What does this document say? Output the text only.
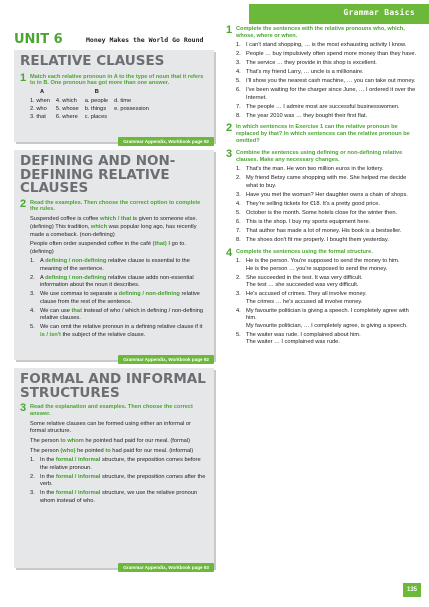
Grammar Basics
UNIT 6	Money Makes the World Go Round
RELATIVE CLAUSES
1 Match each relative pronoun in A to the type of noun that it refers to in B. One pronoun has got more than one answer.
A		B	
1. when	4. which	a. people	d. time
2. who	5. whose	b. things	e. possession
3. that	6. where	c. places	
Grammar Appendix, Workbook page 92
DEFINING AND NON-DEFINING RELATIVE CLAUSES
2 Read the examples. Then choose the correct option to complete the rules.
Suspended coffee is coffee which / that is given to someone else. (defining) This tradition, which was popular long ago, has recently made a comeback. (non-defining)
People often order suspended coffee in the café (that) I go to. (defining)
1. A defining / non-defining relative clause is essential to the meaning of the sentence.
2. A defining / non-defining relative clause adds non-essential information about the noun it describes.
3. We use commas to separate a defining / non-defining relative clause from the rest of the sentence.
4. We can use that instead of who / which in defining / non-defining relative clauses.
5. We can omit the relative pronoun in a defining relative clause if it is / isn't the subject of the relative clause.
Grammar Appendix, Workbook page 92
FORMAL AND INFORMAL STRUCTURES
3 Read the explanation and examples. Then choose the correct answer.
Some relative clauses can be formed using either an informal or formal structure.
The person to whom he pointed had paid for our meal. (formal)
The person (who) he pointed to had paid for our meal. (informal)
1. In the formal / informal structure, the preposition comes before the relative pronoun.
2. In the formal / informal structure, the preposition comes after the verb.
3. In the formal / informal structure, we use the relative pronoun whom instead of who.
Grammar Appendix, Workbook page 93
1 Complete the sentences with the relative pronouns who, which, whose, where or when.
1. I can't stand shopping, … is the most exhausting activity I know.
2. People … buy impulsively often spend more money than they have.
3. The service … they provide in this shop is excellent.
4. That's my friend Larry, … uncle is a millionaire.
5. I'll show you the nearest cash machine, … you can take out money.
6. I've been waiting for the charger since June, … I ordered it over the Internet.
7. The people … I admire most are successful businesswomen.
8. The year 2010 was … they bought their first flat.
2 In which sentences in Exercise 1 can the relative pronoun be replaced by that? In which sentences can the relative pronoun be omitted?
3 Combine the sentences using defining or non-defining relative clauses. Make any necessary changes.
1. That's the man. He won two million euros in the lottery.
2. My friend Betsy came shopping with me. She helped me decide what to buy.
3. Have you met the woman? Her daughter owns a chain of shops.
4. They're selling tickets for €18. It's a pretty good price.
5. October is the month. Some hotels close for the winter then.
6. This is the shop. I buy my sports equipment here.
7. That author has made a lot of money. His book is a bestseller.
8. The shoes don't fit me properly. I bought them yesterday.
4 Complete the sentences using the formal structure.
1. He is the person. You're supposed to send the money to him.
He is the person … you're supposed to send the money.
2. She succeeded in the test. It was very difficult.
The test … she succeeded was very difficult.
3. He's accused of crimes. They all involve money.
The crimes … he's accused all involve money.
4. My favourite politician is giving a speech. I completely agree with him.
My favourite politician, … I completely agree, is giving a speech.
5. The waiter was rude. I complained about him.
The waiter … I complained was rude.
135
